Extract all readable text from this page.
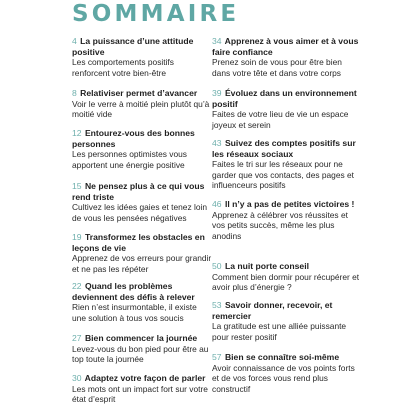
SOMMAIRE

4 La puissance d’une attitude positive

Les comportements positifs renforcent votre bien-être

8 Relativiser permet d’avancer

Voir le verre à moitié plein plutôt qu’à moitié vide

12 Entourez-vous des bonnes personnes

Les personnes optimistes vous apportent une énergie positive

15 Ne pensez plus à ce qui vous rend triste

Cultivez les idées gaies et tenez loin de vous les pensées négatives

19 Transformez les obstacles en leçons de vie

Apprenez de vos erreurs pour grandir et ne pas les répéter

22 Quand les problèmes deviennent des défis à relever

Rien n’est insurmontable, il existe une solution à tous vos soucis

27 Bien commencer la journée

Levez-vous du bon pied pour être au top toute la journée

30 Adaptez votre façon de parler

Les mots ont un impact fort sur votre état d’esprit

34 Apprenez à vous aimer et à vous faire confiance

Prenez soin de vous pour être bien dans votre tête et dans votre corps

39 Évoluez dans un environnement positif

Faites de votre lieu de vie un espace joyeux et serein

43 Suivez des comptes positifs sur les réseaux sociaux

Faites le tri sur les réseaux pour ne garder que vos contacts, des pages et influenceurs positifs

46 Il n’y a pas de petites victoires !

Apprenez à célébrer vos réussites et vos petits succès, même les plus anodins

50 La nuit porte conseil

Comment bien dormir pour récupérer et avoir plus d’énergie ?

53 Savoir donner, recevoir, et remercier

La gratitude est une alliée puissante pour rester positif

57 Bien se connaître soi-même

Avoir connaissance de vos points forts et de vos forces vous rend plus constructif
